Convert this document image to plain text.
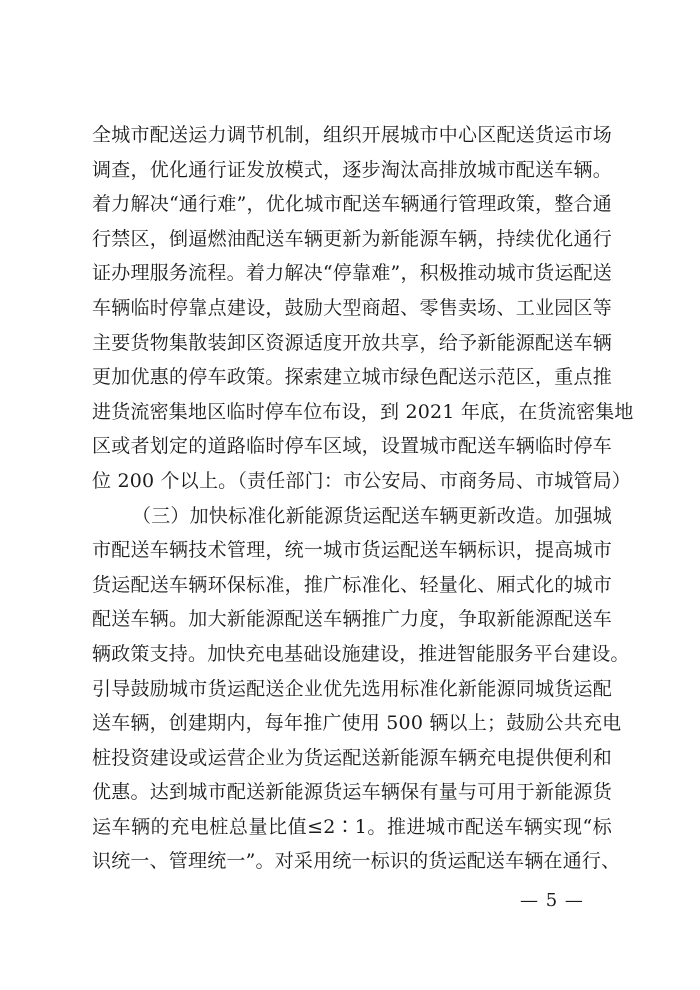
全城市配送运力调节机制，组织开展城市中心区配送货运市场
调查，优化通行证发放模式，逐步淘汰高排放城市配送车辆。
着力解决“通行难”，优化城市配送车辆通行管理政策，整合通
行禁区，倒逼燃油配送车辆更新为新能源车辆，持续优化通行
证办理服务流程。着力解决“停靠难”，积极推动城市货运配送
车辆临时停靠点建设，鼓励大型商超、零售卖场、工业园区等
主要货物集散装卸区资源适度开放共享，给予新能源配送车辆
更加优惠的停车政策。探索建立城市绿色配送示范区，重点推
进货流密集地区临时停车位布设，到 2021 年底，在货流密集地
区或者划定的道路临时停车区域，设置城市配送车辆临时停车
位 200 个以上。（责任部门：市公安局、市商务局、市城管局）
（三）加快标准化新能源货运配送车辆更新改造。加强城
市配送车辆技术管理，统一城市货运配送车辆标识，提高城市
货运配送车辆环保标准，推广标准化、轻量化、厢式化的城市
配送车辆。加大新能源配送车辆推广力度，争取新能源配送车
辆政策支持。加快充电基础设施建设，推进智能服务平台建设。
引导鼓励城市货运配送企业优先选用标准化新能源同城货运配
送车辆，创建期内，每年推广使用 500 辆以上；鼓励公共充电
桩投资建设或运营企业为货运配送新能源车辆充电提供便利和
优惠。达到城市配送新能源货运车辆保有量与可用于新能源货
运车辆的充电桩总量比值≤2∶1。推进城市配送车辆实现“标
识统一、管理统一”。对采用统一标识的货运配送车辆在通行、
— 5 —
